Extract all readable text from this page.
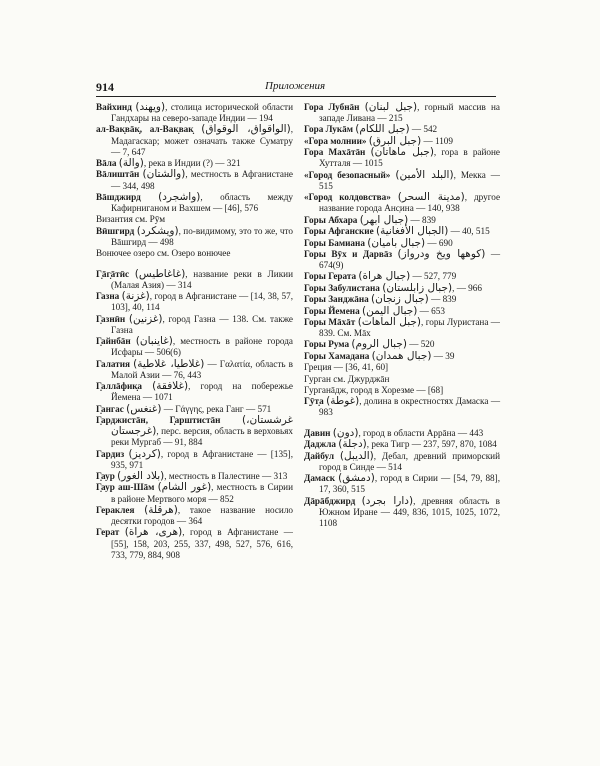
914	Приложения
Вайхинд (ويهند), столица исторической области Гандхары на северо-западе Индии — 194
ал-Вак̣вāк̣, ал-Вак̣вак̣ (الواقواق، الوقواق), Мадагаскар; может означать также Суматру — 7, 647
Вāла (والة), река в Индии (?) — 321
Вāлиштāн (والشتان), местность в Афганистане — 344, 498
Вāшджирд (واشجرد), область между Кафирниганом и Вахшем — [46], 576
Византия см. Рӯм
Вӣшгирд (ويشكرد), по-видимому, это то же, что Вāшгирд — 498
Вонючее озеро см. Озеро вонючее
Г̣āг̣āтӣс (غاغاطيس), название реки в Ликии (Малая Азия) — 314
Газна (غزنة), город в Афганистане — [14, 38, 57, 103], 40, 114
Г̣азнӣн (غزنين), город Газна — 138. См. также Газна
Г̣айнбāн (غاينبان), местность в районе города Исфары — 506(6)
Галатия (غلاطيا، غلاطية) — Γαλατία, область в Малой Азии — 76, 443
Г̣аллāфик̣а (غلافقة), город на побережье Йемена — 1071
Г̣ангас (غنغس) — Γάγγης, река Ганг — 571
Г̣арджистāн, Г̣арштистāн (غرشستان، غرجستان), перс. версия, область в верховьях реки Мургаб — 91, 884
Гардиз (كرديز), город в Афганистане — [135], 935, 971
Г̣аур (بلاد الغور), местность в Палестине — 313
Г̣аур аш-Шāм (غور الشام), местность в Сирии в районе Мертвого моря — 852
Гераклея (هرقلة), такое название носило десятки городов — 364
Герат (هرى، هراة), город в Афганистане — [55], 158, 203, 255, 337, 498, 527, 576, 616, 733, 779, 884, 908
Гора Лубнāн (جبل لبنان), горный массив на западе Ливана — 215
Гора Лукāм (جبل اللكام) — 542
«Гора молнии» (جبل البرق) — 1109
Гора Махāтāн (جبل ماهاتان), гора в районе Хутталя — 1015
«Город безопасный» (البلد الأمين), Мекка — 515
«Город колдовства» (مدينة السحر), другое название города Анс̣ина — 140, 938
Горы Абхара (جبال ابهر) — 839
Горы Афганские (الجبال الأفغانية) — 40, 515
Горы Бамиана (جبال باميان) — 690
Горы Вӯх и Дарвāз (كوهها ويخ ودرواز) — 674(9)
Горы Герата (جبال هراة) — 527, 779
Горы Забулистана (جبال زابلستان), — 966
Горы Занджāна (جبال زنجان) — 839
Горы Йемена (جبال اليمن) — 653
Горы Māхāт (جبل الماهات), горы Луристана — 839. См. Мāх
Горы Рума (جبال الروم) — 520
Горы Хамадана (جبال همدان) — 39
Греция — [36, 41, 60]
Гурган см. Джурджāн
Гурганāдж, город в Хорезме — [68]
Г̣ӯт̣а (غوطة), долина в окрестностях Дамаска — 983
Давин (دون), город в области Аррāна — 443
Даджла (دجلة), река Тигр — 237, 597, 870, 1084
Дайбул (الديبل), Дебал, древний приморский город в Синде — 514
Дамаск (دمشق), город в Сирии — [54, 79, 88], 17, 360, 515
Дāрāбджирд (دارا بجرد), древняя область в Южном Иране — 449, 836, 1015, 1025, 1072, 1108
